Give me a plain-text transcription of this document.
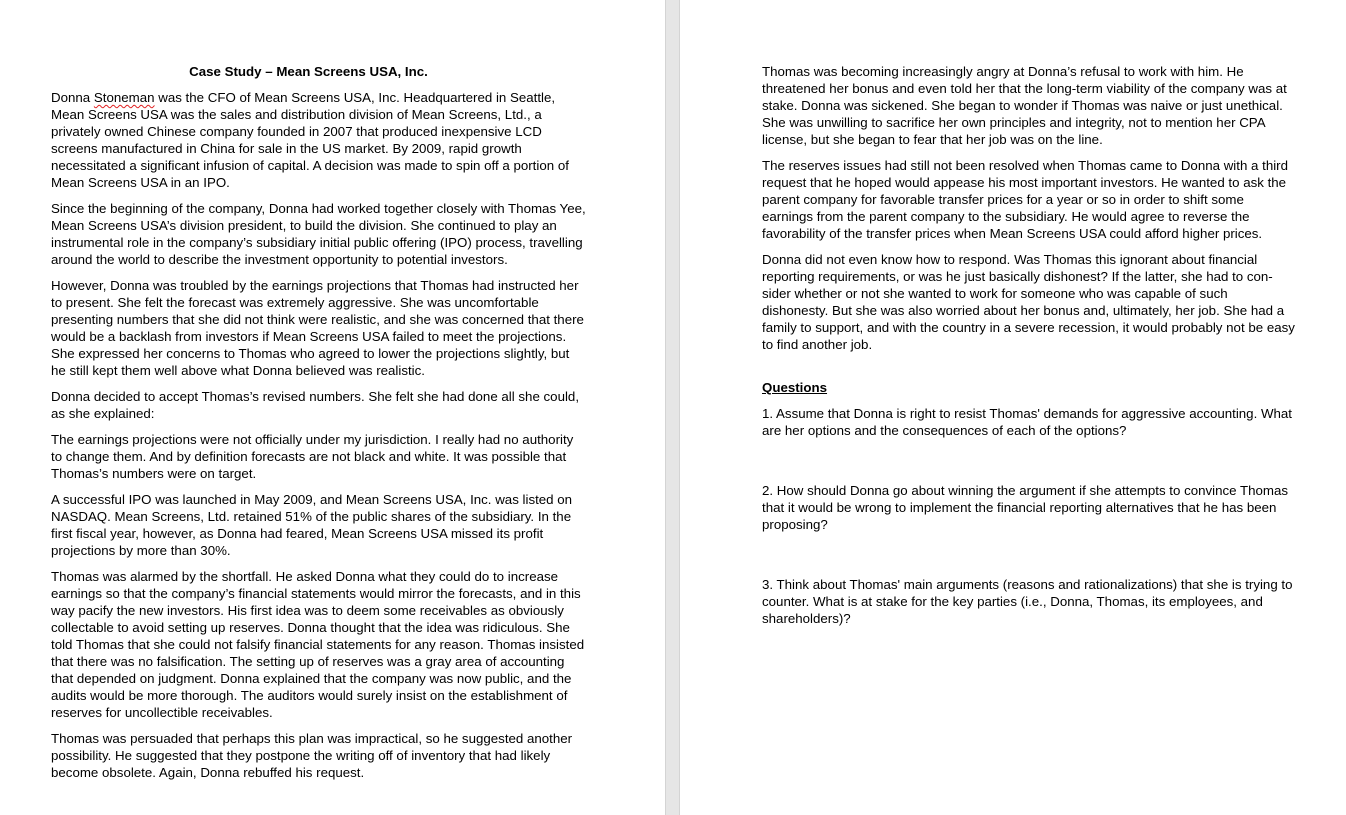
Case Study – Mean Screens USA, Inc.

Donna Stoneman was the CFO of Mean Screens USA, Inc. Headquartered in Seattle, Mean Screens USA was the sales and distribution division of Mean Screens, Ltd., a privately owned Chinese company founded in 2007 that produced inexpensive LCD screens manufactured in China for sale in the US market. By 2009, rapid growth necessitated a significant infusion of capital. A decision was made to spin off a portion of Mean Screens USA in an IPO.

Since the beginning of the company, Donna had worked together closely with Thomas Yee, Mean Screens USA’s division president, to build the division. She continued to play an instrumental role in the company’s subsidiary initial public offering (IPO) process, travelling around the world to describe the investment opportunity to potential investors.

However, Donna was troubled by the earnings projections that Thomas had instructed her to present. She felt the forecast was extremely aggressive. She was uncomfortable presenting numbers that she did not think were realistic, and she was concerned that there would be a backlash from investors if Mean Screens USA failed to meet the projections. She expressed her concerns to Thomas who agreed to lower the projections slightly, but he still kept them well above what Donna believed was realistic.

Donna decided to accept Thomas’s revised numbers. She felt she had done all she could, as she explained:

The earnings projections were not officially under my jurisdiction. I really had no authority to change them. And by definition forecasts are not black and white. It was possible that Thomas’s numbers were on target.

A successful IPO was launched in May 2009, and Mean Screens USA, Inc. was listed on NASDAQ. Mean Screens, Ltd. retained 51% of the public shares of the subsidiary. In the first fiscal year, however, as Donna had feared, Mean Screens USA missed its profit projections by more than 30%.

Thomas was alarmed by the shortfall. He asked Donna what they could do to increase earnings so that the company’s financial statements would mirror the forecasts, and in this way pacify the new investors. His first idea was to deem some receivables as obviously collectable to avoid setting up reserves. Donna thought that the idea was ridiculous. She told Thomas that she could not falsify financial statements for any reason. Thomas insisted that there was no falsification. The setting up of reserves was a gray area of accounting that depended on judgment. Donna explained that the company was now public, and the audits would be more thorough. The auditors would surely insist on the establishment of reserves for uncollectible receivables.

Thomas was persuaded that perhaps this plan was impractical, so he suggested another possibility. He suggested that they postpone the writing off of inventory that had likely become obsolete. Again, Donna rebuffed his request.

Thomas was becoming increasingly angry at Donna’s refusal to work with him. He threatened her bonus and even told her that the long-term viability of the company was at stake. Donna was sickened. She began to wonder if Thomas was naive or just unethical. She was unwilling to sacrifice her own principles and integrity, not to mention her CPA license, but she began to fear that her job was on the line.

The reserves issues had still not been resolved when Thomas came to Donna with a third request that he hoped would appease his most important investors. He wanted to ask the parent company for favorable transfer prices for a year or so in order to shift some earnings from the parent company to the subsidiary. He would agree to reverse the favorability of the transfer prices when Mean Screens USA could afford higher prices.

Donna did not even know how to respond. Was Thomas this ignorant about financial reporting requirements, or was he just basically dishonest? If the latter, she had to con-sider whether or not she wanted to work for someone who was capable of such dishonesty. But she was also worried about her bonus and, ultimately, her job. She had a family to support, and with the country in a severe recession, it would probably not be easy to find another job.

Questions

1. Assume that Donna is right to resist Thomas' demands for aggressive accounting. What are her options and the consequences of each of the options?

2. How should Donna go about winning the argument if she attempts to convince Thomas that it would be wrong to implement the financial reporting alternatives that he has been proposing?

3. Think about Thomas' main arguments (reasons and rationalizations) that she is trying to counter. What is at stake for the key parties (i.e., Donna, Thomas, its employees, and shareholders)?
